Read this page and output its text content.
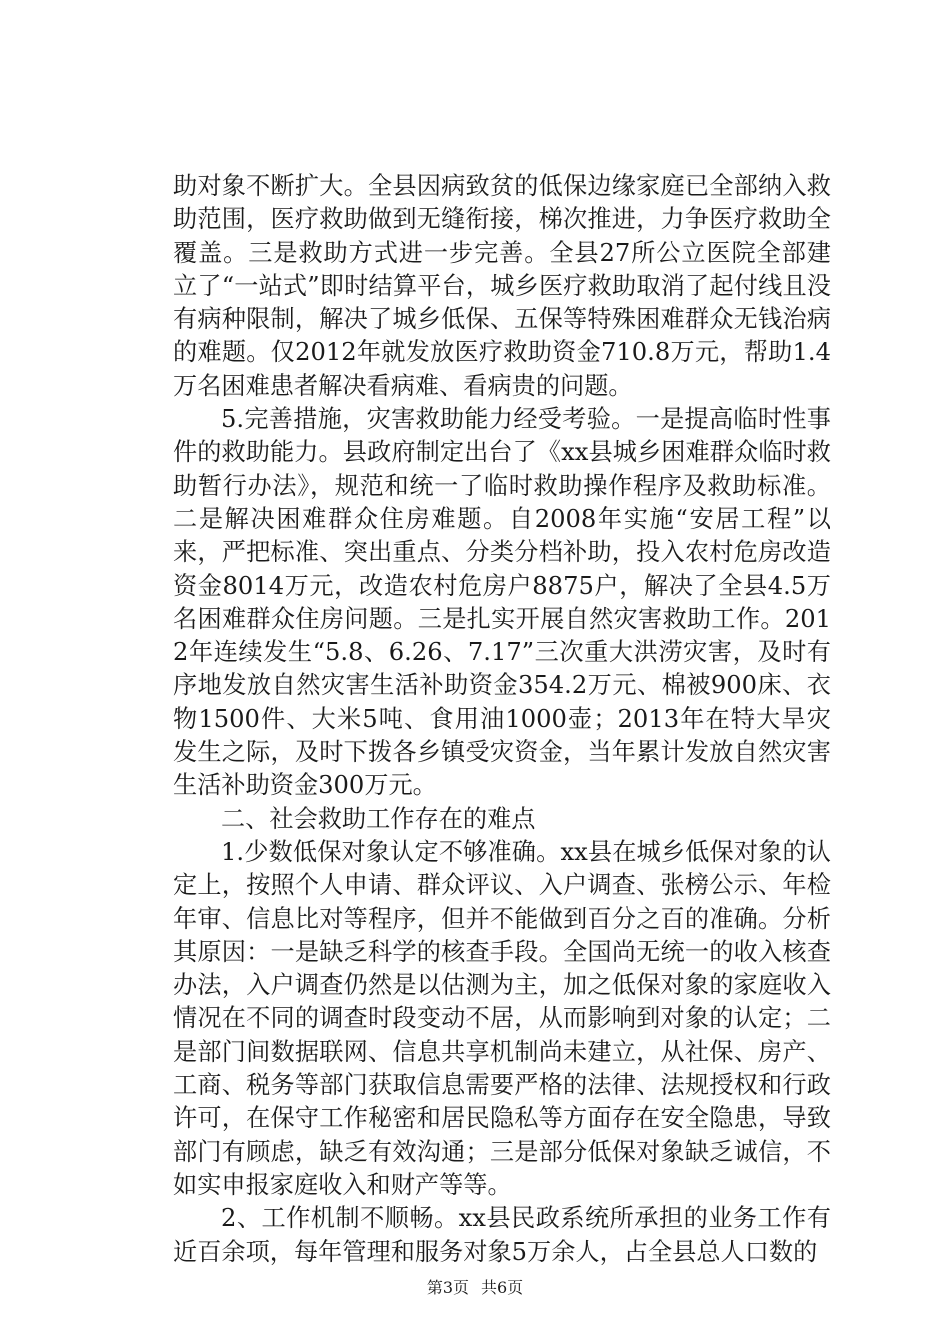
助对象不断扩大。全县因病致贫的低保边缘家庭已全部纳入救助范围，医疗救助做到无缝衔接，梯次推进，力争医疗救助全覆盖。三是救助方式进一步完善。全县27所公立医院全部建立了“一站式”即时结算平台，城乡医疗救助取消了起付线且没有病种限制，解决了城乡低保、五保等特殊困难群众无钱治病的难题。仅2012年就发放医疗救助资金710.8万元，帮助1.4万名困难患者解决看病难、看病贵的问题。

5.完善措施，灾害救助能力经受考验。一是提高临时性事件的救助能力。县政府制定出台了《xx县城乡困难群众临时救助暂行办法》，规范和统一了临时救助操作程序及救助标准。二是解决困难群众住房难题。自2008年实施“安居工程”以来，严把标准、突出重点、分类分档补助，投入农村危房改造资金8014万元，改造农村危房户8875户，解决了全县4.5万名困难群众住房问题。三是扎实开展自然灾害救助工作。2012年连续发生“5.8、6.26、7.17”三次重大洪涝灾害，及时有序地发放自然灾害生活补助资金354.2万元、棉被900床、衣物1500件、大米5吨、食用油1000壶；2013年在特大旱灾发生之际，及时下拨各乡镇受灾资金，当年累计发放自然灾害生活补助资金300万元。

二、社会救助工作存在的难点

1.少数低保对象认定不够准确。xx县在城乡低保对象的认定上，按照个人申请、群众评议、入户调查、张榜公示、年检年审、信息比对等程序，但并不能做到百分之百的准确。分析其原因：一是缺乏科学的核查手段。全国尚无统一的收入核查办法，入户调查仍然是以估测为主，加之低保对象的家庭收入情况在不同的调查时段变动不居，从而影响到对象的认定；二是部门间数据联网、信息共享机制尚未建立，从社保、房产、工商、税务等部门获取信息需要严格的法律、法规授权和行政许可，在保守工作秘密和居民隐私等方面存在安全隐患，导致部门有顾虑，缺乏有效沟通；三是部分低保对象缺乏诚信，不如实申报家庭收入和财产等等。

2、工作机制不顺畅。xx县民政系统所承担的业务工作有近百余项，每年管理和服务对象5万余人，占全县总人口数的

第3页 共6页
